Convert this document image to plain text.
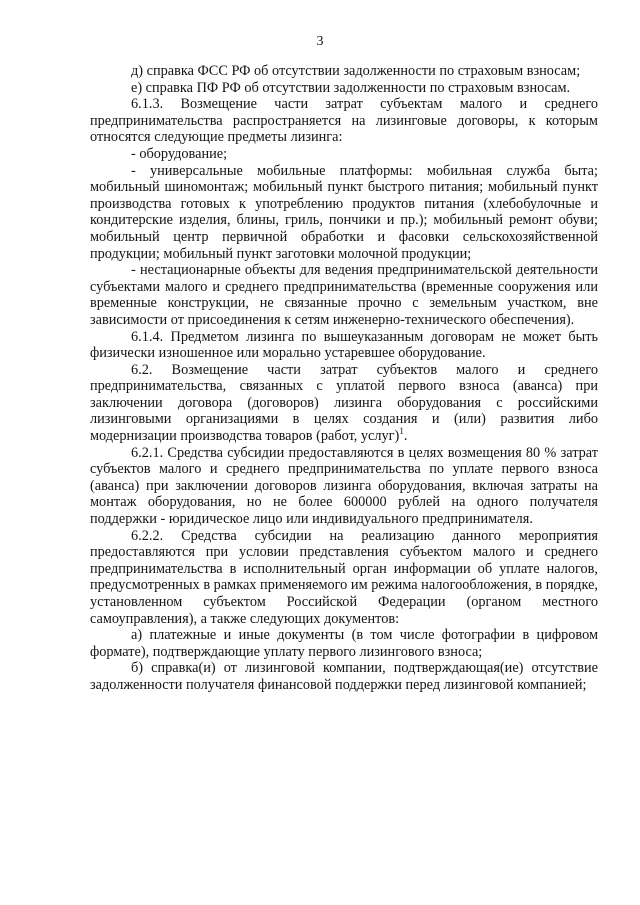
3

д) справка ФСС РФ об отсутствии задолженности по страховым взносам;

е) справка ПФ РФ об отсутствии задолженности по страховым взносам.

6.1.3. Возмещение части затрат субъектам малого и среднего предпринимательства распространяется на лизинговые договоры, к которым относятся следующие предметы лизинга:

- оборудование;

- универсальные мобильные платформы: мобильная служба быта; мобильный шиномонтаж; мобильный пункт быстрого питания; мобильный пункт производства готовых к употреблению продуктов питания (хлебобулочные и кондитерские изделия, блины, гриль, пончики и пр.); мобильный ремонт обуви; мобильный центр первичной обработки и фасовки сельскохозяйственной продукции; мобильный пункт заготовки молочной продукции;

- нестационарные объекты для ведения предпринимательской деятельности субъектами малого и среднего предпринимательства (временные сооружения или временные конструкции, не связанные прочно с земельным участком, вне зависимости от присоединения к сетям инженерно-технического обеспечения).

6.1.4. Предметом лизинга по вышеуказанным договорам не может быть физически изношенное или морально устаревшее оборудование.

6.2. Возмещение части затрат субъектов малого и среднего предпринимательства, связанных с уплатой первого взноса (аванса) при заключении договора (договоров) лизинга оборудования с российскими лизинговыми организациями в целях создания и (или) развития либо модернизации производства товаров (работ, услуг)$^1$.

6.2.1. Средства субсидии предоставляются в целях возмещения 80 % затрат субъектов малого и среднего предпринимательства по уплате первого взноса (аванса) при заключении договоров лизинга оборудования, включая затраты на монтаж оборудования, но не более 600000 рублей на одного получателя поддержки - юридическое лицо или индивидуального предпринимателя.

6.2.2. Средства субсидии на реализацию данного мероприятия предоставляются при условии представления субъектом малого и среднего предпринимательства в исполнительный орган информации об уплате налогов, предусмотренных в рамках применяемого им режима налогообложения, в порядке, установленном субъектом Российской Федерации (органом местного самоуправления), а также следующих документов:

а) платежные и иные документы (в том числе фотографии в цифровом формате), подтверждающие уплату первого лизингового взноса;

б) справка(и) от лизинговой компании, подтверждающая(ие) отсутствие задолженности получателя финансовой поддержки перед лизинговой компанией;
